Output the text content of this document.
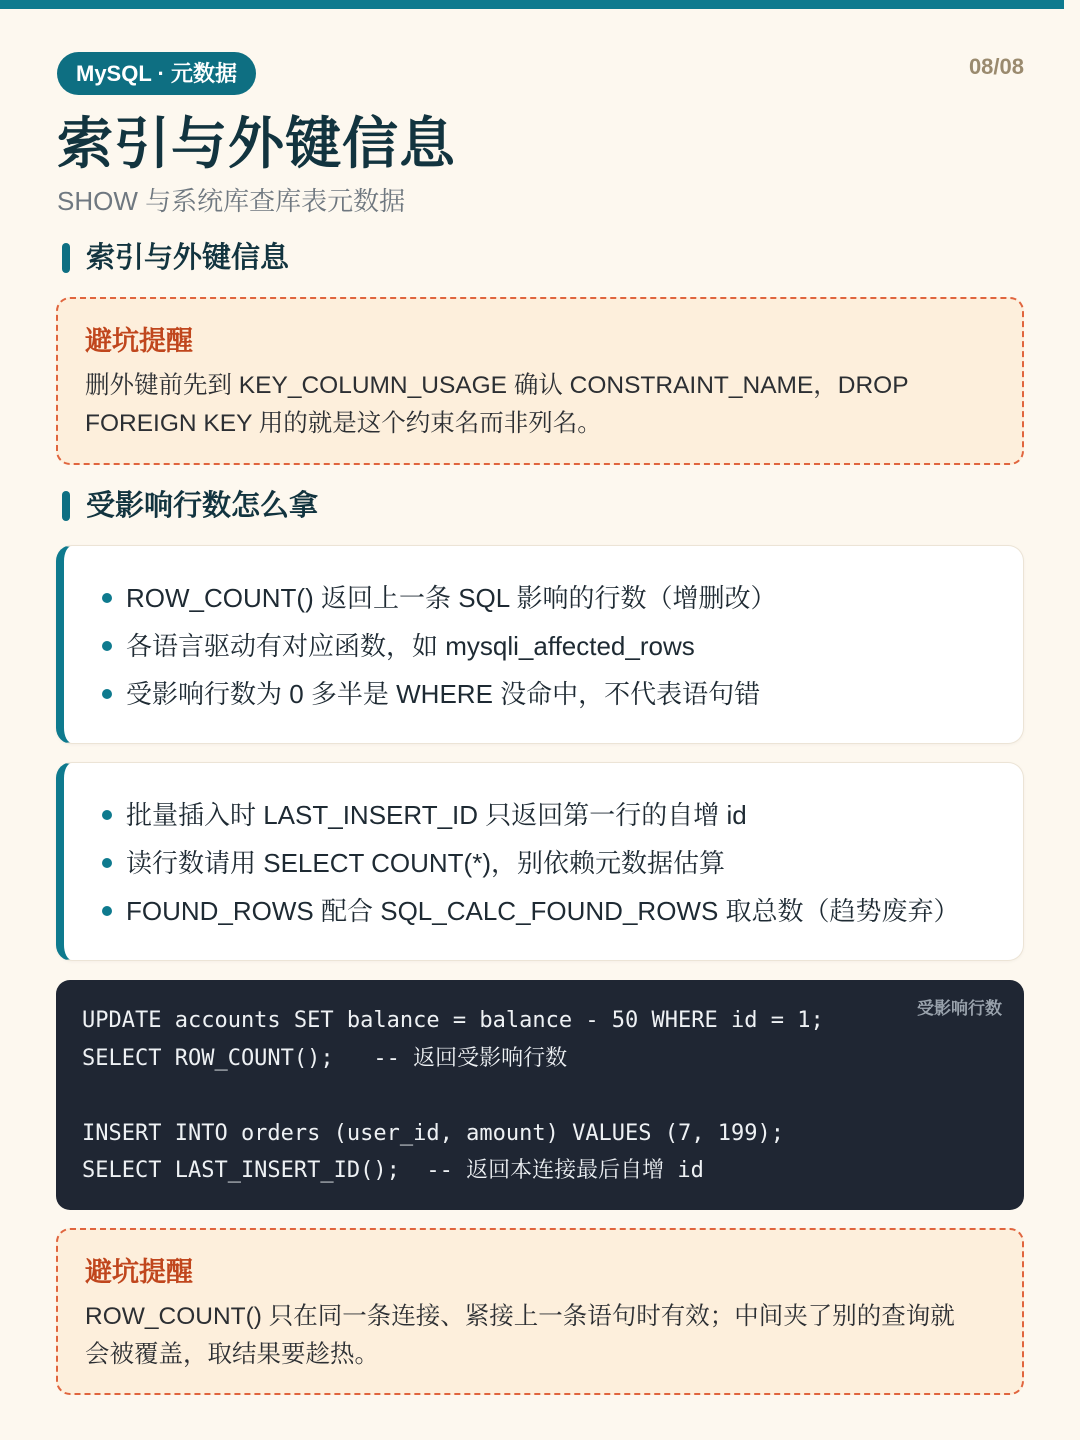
MySQL · 元数据	08/08
索引与外键信息
SHOW 与系统库查库表元数据
索引与外键信息
避坑提醒
删外键前先到 KEY_COLUMN_USAGE 确认 CONSTRAINT_NAME，DROP
FOREIGN KEY 用的就是这个约束名而非列名。
受影响行数怎么拿
ROW_COUNT() 返回上一条 SQL 影响的行数（增删改）
各语言驱动有对应函数，如 mysqli_affected_rows
受影响行数为 0 多半是 WHERE 没命中，不代表语句错
批量插入时 LAST_INSERT_ID 只返回第一行的自增 id
读行数请用 SELECT COUNT(*)，别依赖元数据估算
FOUND_ROWS 配合 SQL_CALC_FOUND_ROWS 取总数（趋势废弃）
受影响行数
UPDATE accounts SET balance = balance - 50 WHERE id = 1;
SELECT ROW_COUNT();   -- 返回受影响行数

INSERT INTO orders (user_id, amount) VALUES (7, 199);
SELECT LAST_INSERT_ID();  -- 返回本连接最后自增 id
避坑提醒
ROW_COUNT() 只在同一条连接、紧接上一条语句时有效；中间夹了别的查询就
会被覆盖，取结果要趁热。
